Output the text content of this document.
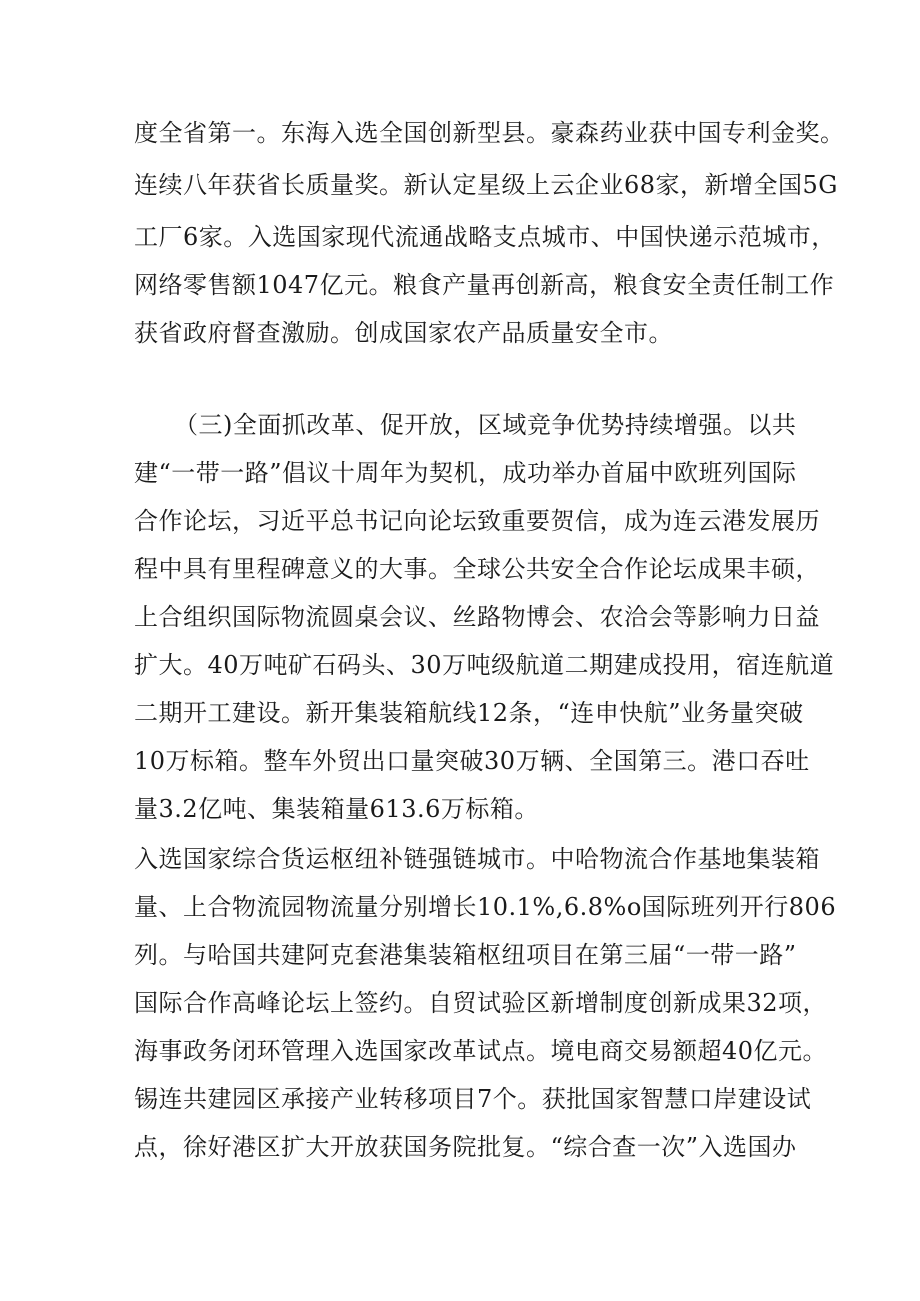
度全省第一。东海入选全国创新型县。豪森药业获中国专利金奖。
连续八年获省长质量奖。新认定星级上云企业68家，新增全国5G
工厂6家。入选国家现代流通战略支点城市、中国快递示范城市，
网络零售额1047亿元。粮食产量再创新高，粮食安全责任制工作
获省政府督查激励。创成国家农产品质量安全市。
（三)全面抓改革、促开放，区域竞争优势持续增强。以共
建“一带一路”倡议十周年为契机，成功举办首届中欧班列国际
合作论坛，习近平总书记向论坛致重要贺信，成为连云港发展历
程中具有里程碑意义的大事。全球公共安全合作论坛成果丰硕，
上合组织国际物流圆桌会议、丝路物博会、农洽会等影响力日益
扩大。40万吨矿石码头、30万吨级航道二期建成投用，宿连航道
二期开工建设。新开集装箱航线12条，“连申快航”业务量突破
10万标箱。整车外贸出口量突破30万辆、全国第三。港口吞吐
量3.2亿吨、集装箱量613.6万标箱。
入选国家综合货运枢纽补链强链城市。中哈物流合作基地集装箱
量、上合物流园物流量分别增长10.1%,6.8%o国际班列开行806
列。与哈国共建阿克套港集装箱枢纽项目在第三届“一带一路”
国际合作高峰论坛上签约。自贸试验区新增制度创新成果32项，
海事政务闭环管理入选国家改革试点。境电商交易额超40亿元。
锡连共建园区承接产业转移项目7个。获批国家智慧口岸建设试
点，徐好港区扩大开放获国务院批复。“综合查一次”入选国办
